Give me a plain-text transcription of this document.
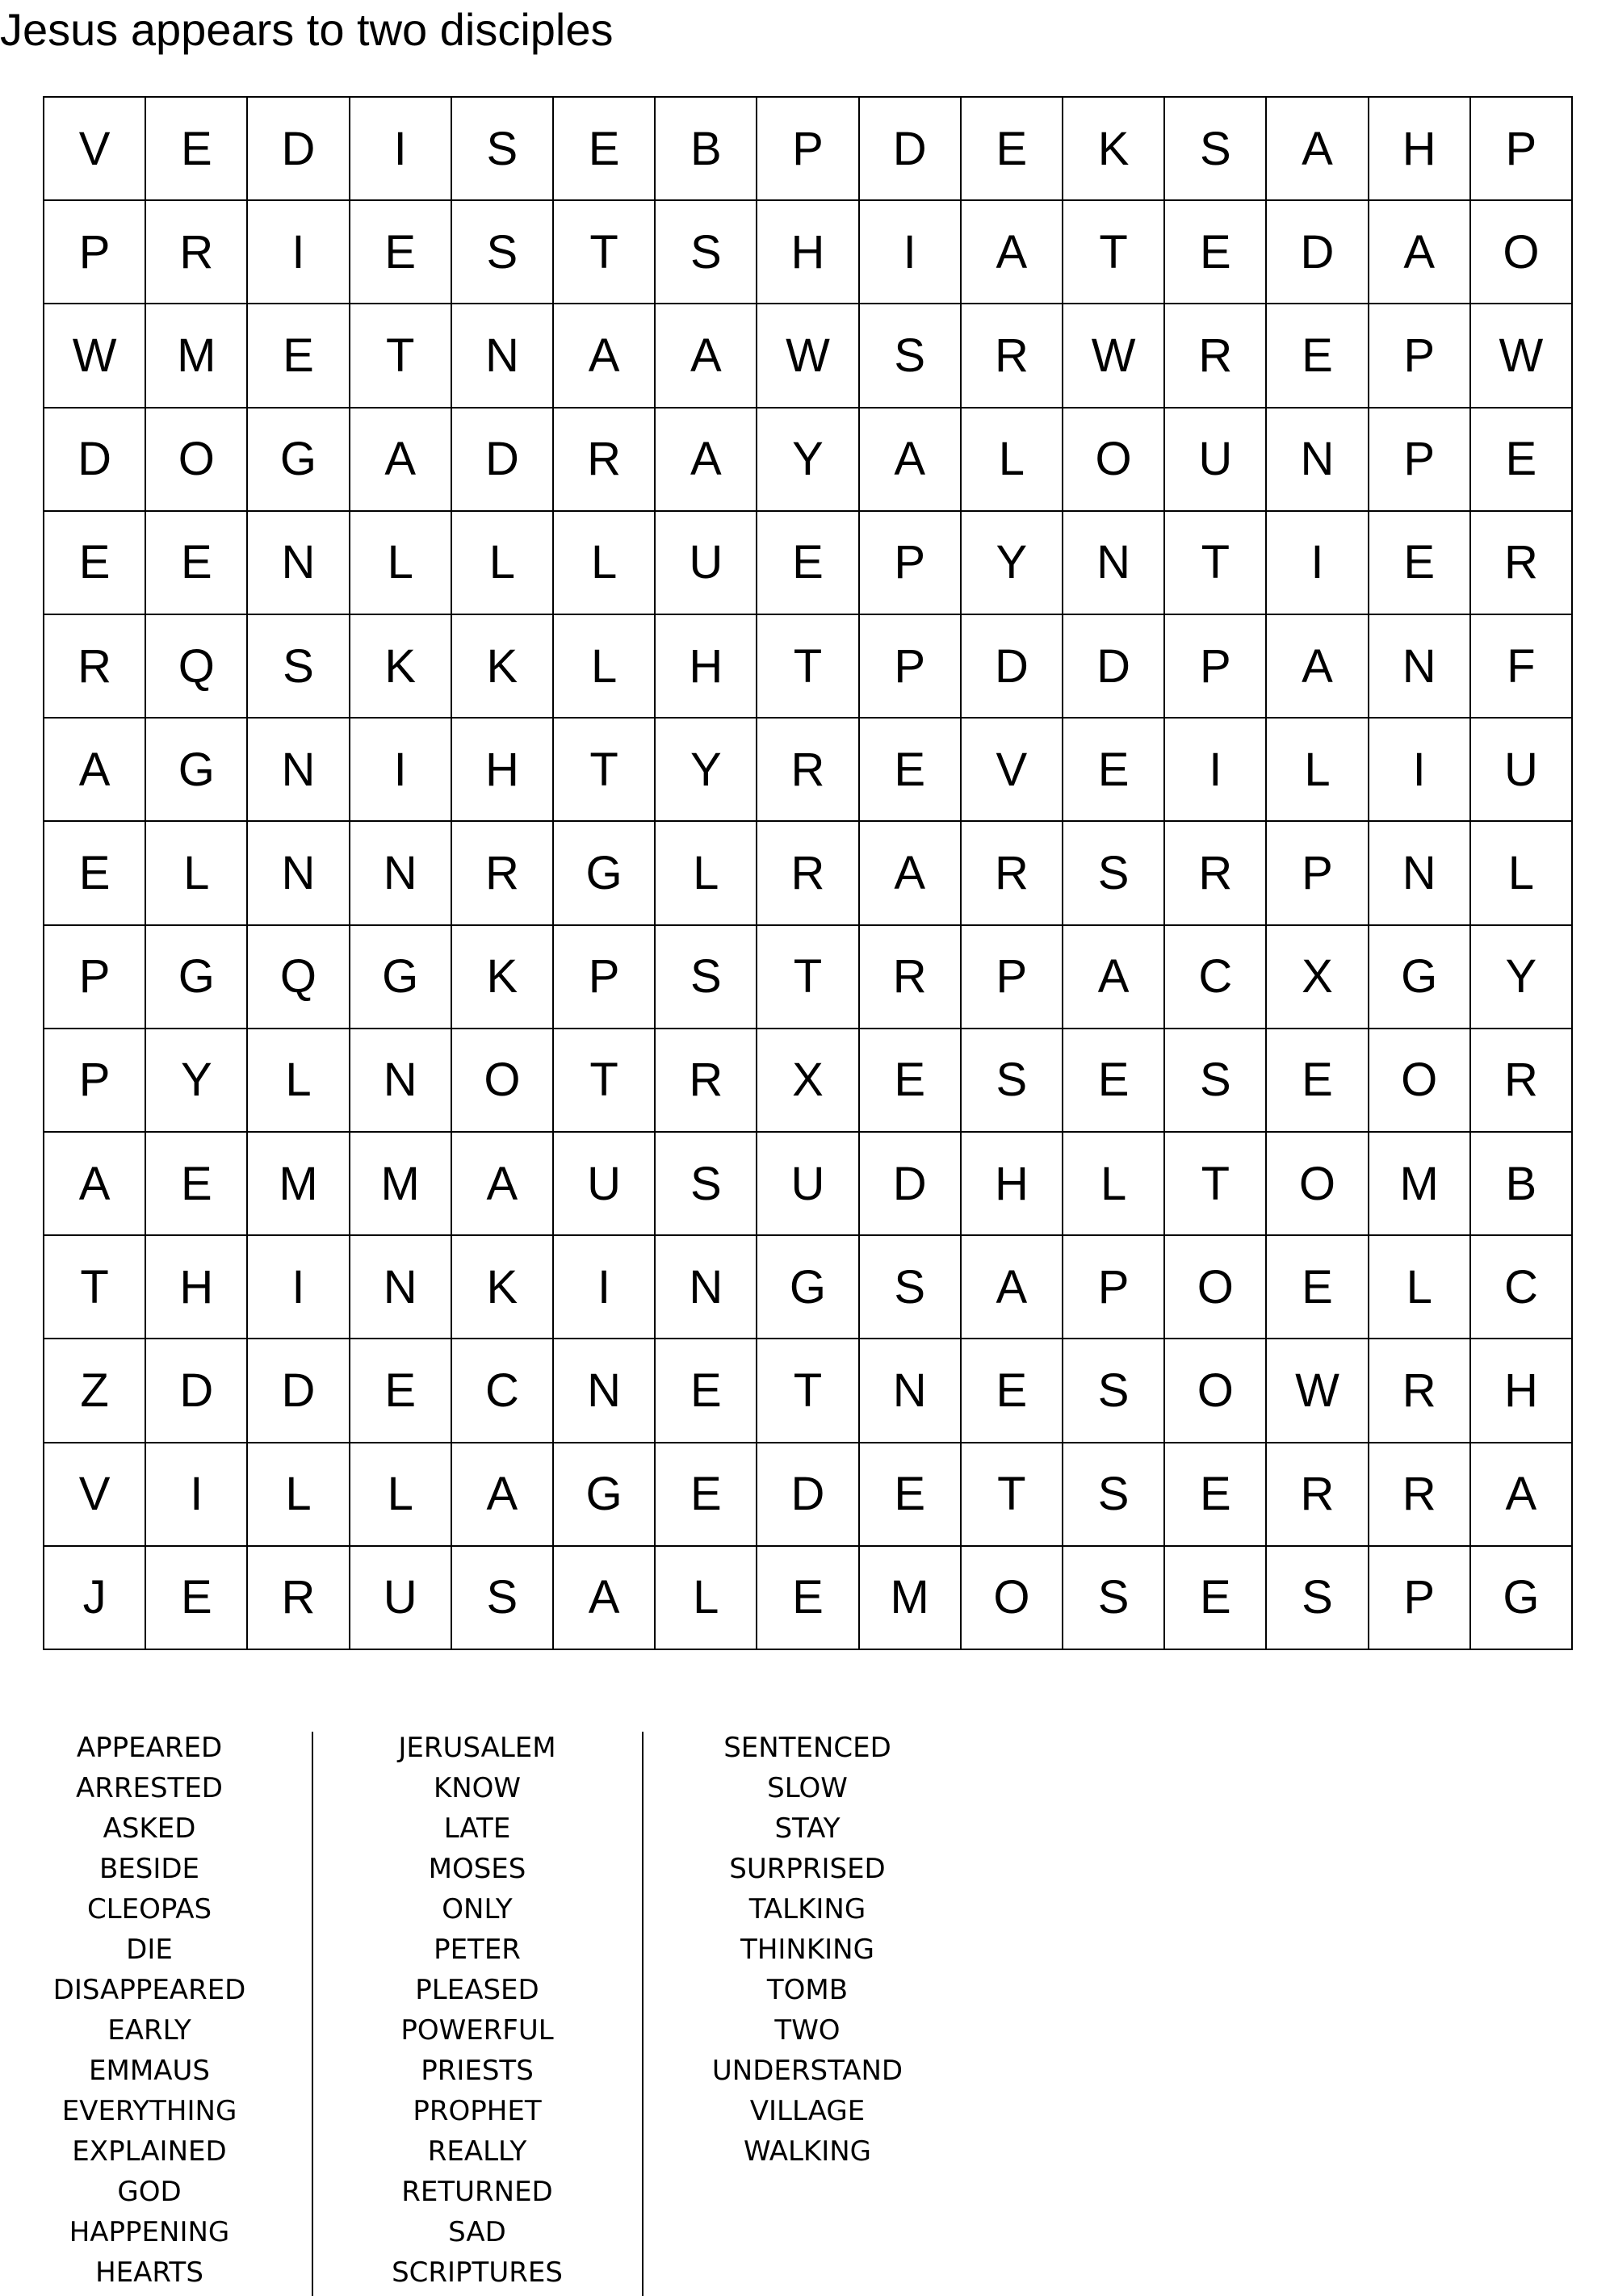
Jesus appears to two disciples
V	E	D	I	S	E	B	P	D	E	K	S	A	H	P
P	R	I	E	S	T	S	H	I	A	T	E	D	A	O
W	M	E	T	N	A	A	W	S	R	W	R	E	P	W
D	O	G	A	D	R	A	Y	A	L	O	U	N	P	E
E	E	N	L	L	L	U	E	P	Y	N	T	I	E	R
R	Q	S	K	K	L	H	T	P	D	D	P	A	N	F
A	G	N	I	H	T	Y	R	E	V	E	I	L	I	U
E	L	N	N	R	G	L	R	A	R	S	R	P	N	L
P	G	Q	G	K	P	S	T	R	P	A	C	X	G	Y
P	Y	L	N	O	T	R	X	E	S	E	S	E	O	R
A	E	M	M	A	U	S	U	D	H	L	T	O	M	B
T	H	I	N	K	I	N	G	S	A	P	O	E	L	C
Z	D	D	E	C	N	E	T	N	E	S	O	W	R	H
V	I	L	L	A	G	E	D	E	T	S	E	R	R	A
J	E	R	U	S	A	L	E	M	O	S	E	S	P	G
APPEARED
ARRESTED
ASKED
BESIDE
CLEOPAS
DIE
DISAPPEARED
EARLY
EMMAUS
EVERYTHING
EXPLAINED
GOD
HAPPENING
HEARTS
JERUSALEM
KNOW
LATE
MOSES
ONLY
PETER
PLEASED
POWERFUL
PRIESTS
PROPHET
REALLY
RETURNED
SAD
SCRIPTURES
SENTENCED
SLOW
STAY
SURPRISED
TALKING
THINKING
TOMB
TWO
UNDERSTAND
VILLAGE
WALKING
